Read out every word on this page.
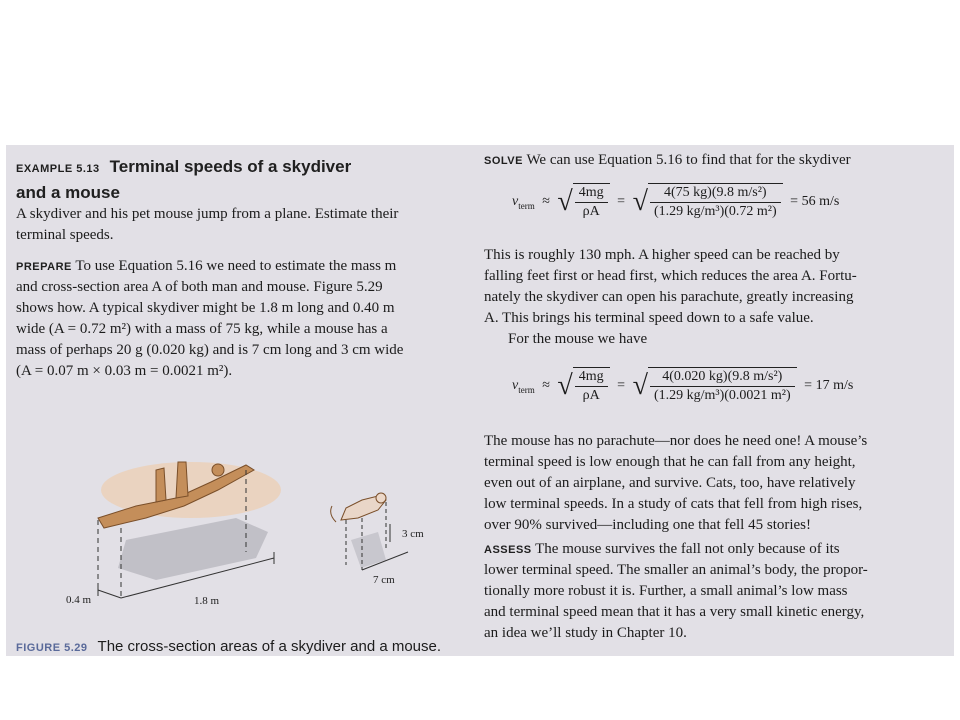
EXAMPLE 5.13 Terminal speeds of a skydiver
and a mouse
A skydiver and his pet mouse jump from a plane. Estimate their
terminal speeds.
PREPARE To use Equation 5.16 we need to estimate the mass m
and cross-section area A of both man and mouse. Figure 5.29
shows how. A typical skydiver might be 1.8 m long and 0.40 m
wide (A = 0.72 m²) with a mass of 75 kg, while a mouse has a
mass of perhaps 20 g (0.020 kg) and is 7 cm long and 3 cm wide
(A = 0.07 m × 0.03 m = 0.0021 m²).
0.4 m	1.8 m
3 cm
7 cm
FIGURE 5.29 The cross-section areas of a skydiver and a mouse.
SOLVE We can use Equation 5.16 to find that for the skydiver
$v_{term}$ ≈ √ $\frac{4mg}{\rho A}$ = √ $\frac{\text{4(75 kg)(9.8 m/s²)}}{\text{(1.29 kg/m³)(0.72 m²)}} = 56$ m/s
This is roughly 130 mph. A higher speed can be reached by
falling feet first or head first, which reduces the area A. Fortu-
nately the skydiver can open his parachute, greatly increasing
A. This brings his terminal speed down to a safe value.
For the mouse we have
$v_{term}$ ≈ √ $\frac{4mg}{\rho A}$ = √ $\frac{\text{4(0.020 kg)(9.8 m/s²)}}{\text{(1.29 kg/m³)(0.0021 m²)}} = 17$ m/s
The mouse has no parachute—nor does he need one! A mouse’s
terminal speed is low enough that he can fall from any height,
even out of an airplane, and survive. Cats, too, have relatively
low terminal speeds. In a study of cats that fell from high rises,
over 90% survived—including one that fell 45 stories!
ASSESS The mouse survives the fall not only because of its
lower terminal speed. The smaller an animal’s body, the propor-
tionally more robust it is. Further, a small animal’s low mass
and terminal speed mean that it has a very small kinetic energy,
an idea we’ll study in Chapter 10.
